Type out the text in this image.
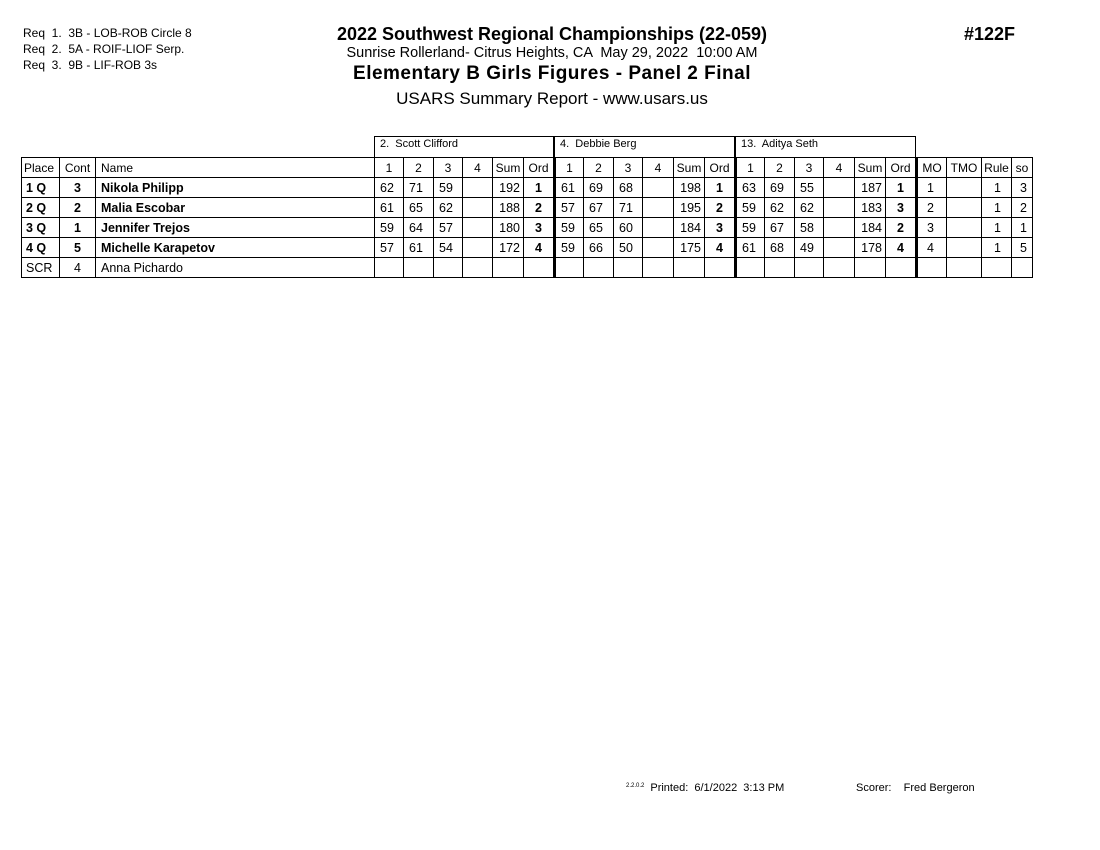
Req  1.  3B - LOB-ROB Circle 8
Req  2.  5A - ROIF-LIOF Serp.
Req  3.  9B - LIF-ROB 3s
2022 Southwest Regional Championships (22-059)
Sunrise Rollerland- Citrus Heights, CA  May 29, 2022  10:00 AM
Elementary B Girls Figures - Panel 2 Final
USARS Summary Report - www.usars.us
#122F
2.  Scott Clifford	4.  Debbie Berg	13.  Aditya Seth
Place	Cont	Name	1	2	3	4	Sum	Ord	1	2	3	4	Sum	Ord	1	2	3	4	Sum	Ord	MO	TMO	Rule	so
1 Q	3	Nikola Philipp	62	71	59		192	1	61	69	68		198	1	63	69	55		187	1	1		1	3
2 Q	2	Malia Escobar	61	65	62		188	2	57	67	71		195	2	59	62	62		183	3	2		1	2
3 Q	1	Jennifer Trejos	59	64	57		180	3	59	65	60		184	3	59	67	58		184	2	3		1	1
4 Q	5	Michelle Karapetov	57	61	54		172	4	59	66	50		175	4	61	68	49		178	4	4		1	5
SCR	4	Anna Pichardo																						
$^{2.2.0.2}$ Printed:  6/1/2022  3:13 PM	Scorer:    Fred Bergeron
